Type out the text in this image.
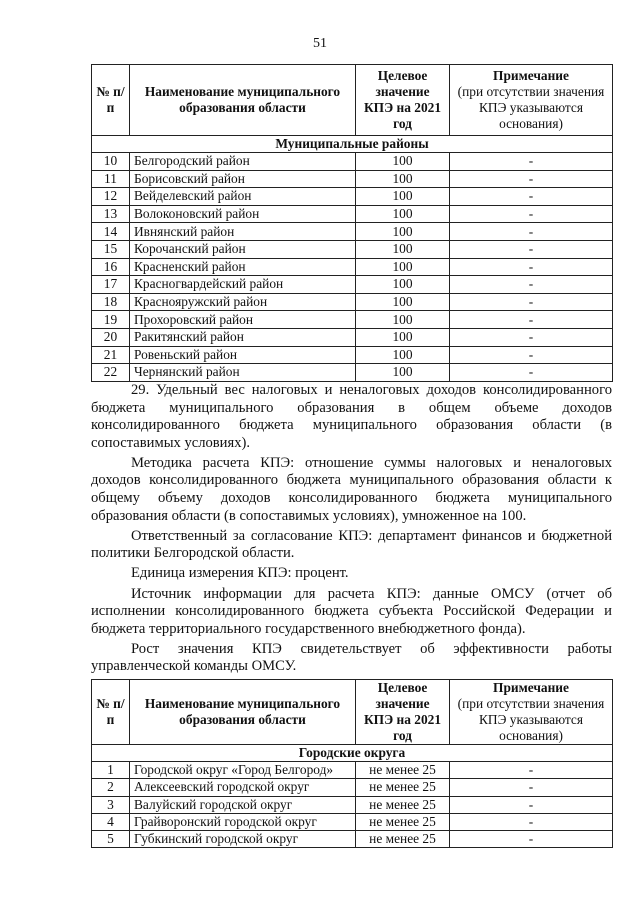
51
№ п/п	Наименование муниципального образования области	Целевое значение КПЭ на 2021 год	Примечание
(при отсутствии значения КПЭ указываются основания)

Муниципальные районы			
10	Белгородский район	100	-
11	Борисовский район	100	-
12	Вейделевский район	100	-
13	Волоконовский район	100	-
14	Ивнянский район	100	-
15	Корочанский район	100	-
16	Красненский район	100	-
17	Красногвардейский район	100	-
18	Краснояружский район	100	-
19	Прохоровский район	100	-
20	Ракитянский район	100	-
21	Ровеньский район	100	-
22	Чернянский район	100	-

29. Удельный вес налоговых и неналоговых доходов консолидированного бюджета муниципального образования в общем объеме доходов консолидированного бюджета муниципального образования области (в сопоставимых условиях).

Методика расчета КПЭ: отношение суммы налоговых и неналоговых доходов консолидированного бюджета муниципального образования области к общему объему доходов консолидированного бюджета муниципального образования области (в сопоставимых условиях), умноженное на 100.

Ответственный за согласование КПЭ: департамент финансов и бюджетной политики Белгородской области.

Единица измерения КПЭ: процент.

Источник информации для расчета КПЭ: данные ОМСУ (отчет об исполнении консолидированного бюджета субъекта Российской Федерации и бюджета территориального государственного внебюджетного фонда).

Рост значения КПЭ свидетельствует об эффективности работы управленческой команды ОМСУ.

№ п/п	Наименование муниципального образования области	Целевое значение КПЭ на 2021 год	Примечание
(при отсутствии значения КПЭ указываются основания)

Городские округа			
1	Городской округ «Город Белгород»	не менее 25	-
2	Алексеевский городской округ	не менее 25	-
3	Валуйский городской округ	не менее 25	-
4	Грайворонский городской округ	не менее 25	-
5	Губкинский городской округ	не менее 25	-
